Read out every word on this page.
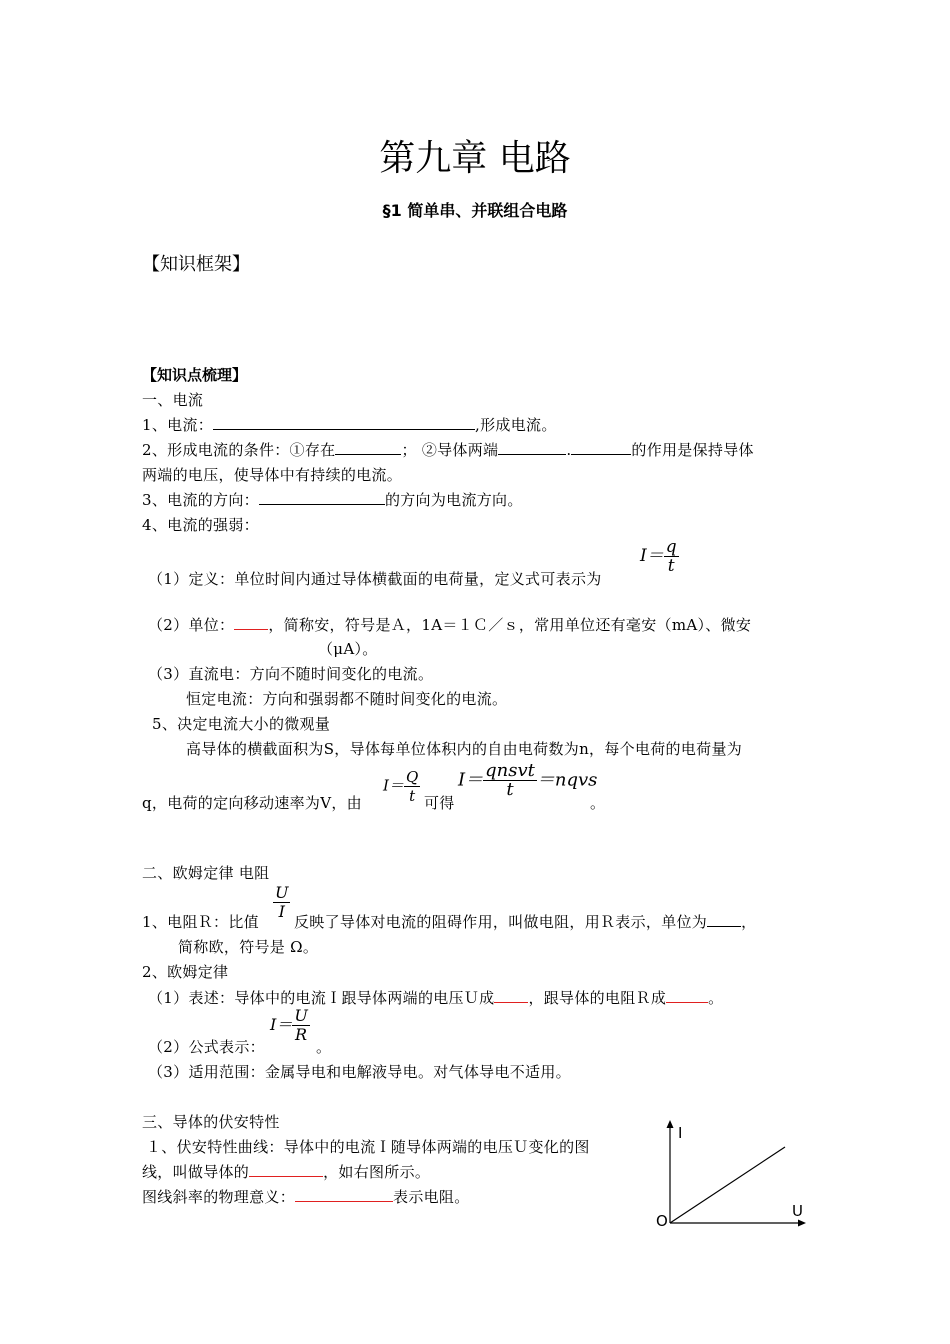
第九章 电路
§1 简单串、并联组合电路
【知识框架】
【知识点梳理】
一、电流
1、电流：	,形成电流。
2、形成电流的条件：①存在	； ②导体两端	.	的作用是保持导体
两端的电压，使导体中有持续的电流。
3、电流的方向：	的方向为电流方向。
4、电流的强弱：
（1）定义：单位时间内通过导体横截面的电荷量，定义式可表示为
$I= \frac{q}{t}$
（2）单位： ，简称安，符号是Ａ，1A＝１Ｃ／ｓ，常用单位还有毫安（mA）、微安
（μA）。
（3）直流电：方向不随时间变化的电流。
恒定电流：方向和强弱都不随时间变化的电流。
5、决定电流大小的微观量
高导体的横截面积为S，导体每单位体积内的自由电荷数为n，每个电荷的电荷量为
q，电荷的定向移动速率为V，由
$I= \frac{Q}{t}$ 可得
$I= \frac{\text{qnsvt}}{t}$ ＝nqvs
。
二、欧姆定律 电阻
1、电阻Ｒ：比值
$\frac{U}{I}$
反映了导体对电流的阻碍作用，叫做电阻，用Ｒ表示，单位为 ，
简称欧，符号是 Ω。
2、欧姆定律
（1）表述：导体中的电流Ｉ跟导体两端的电压Ｕ成 ，跟导体的电阻Ｒ成	。
（2）公式表示：
$I= \frac{U}{R}$
。
（3）适用范围：金属导电和电解液导电。对气体导电不适用。
三、导体的伏安特性
１、伏安特性曲线：导体中的电流Ｉ随导体两端的电压Ｕ变化的图
线，叫做导体的	，如右图所示。
图线斜率的物理意义：	表示电阻。
I
U
O
